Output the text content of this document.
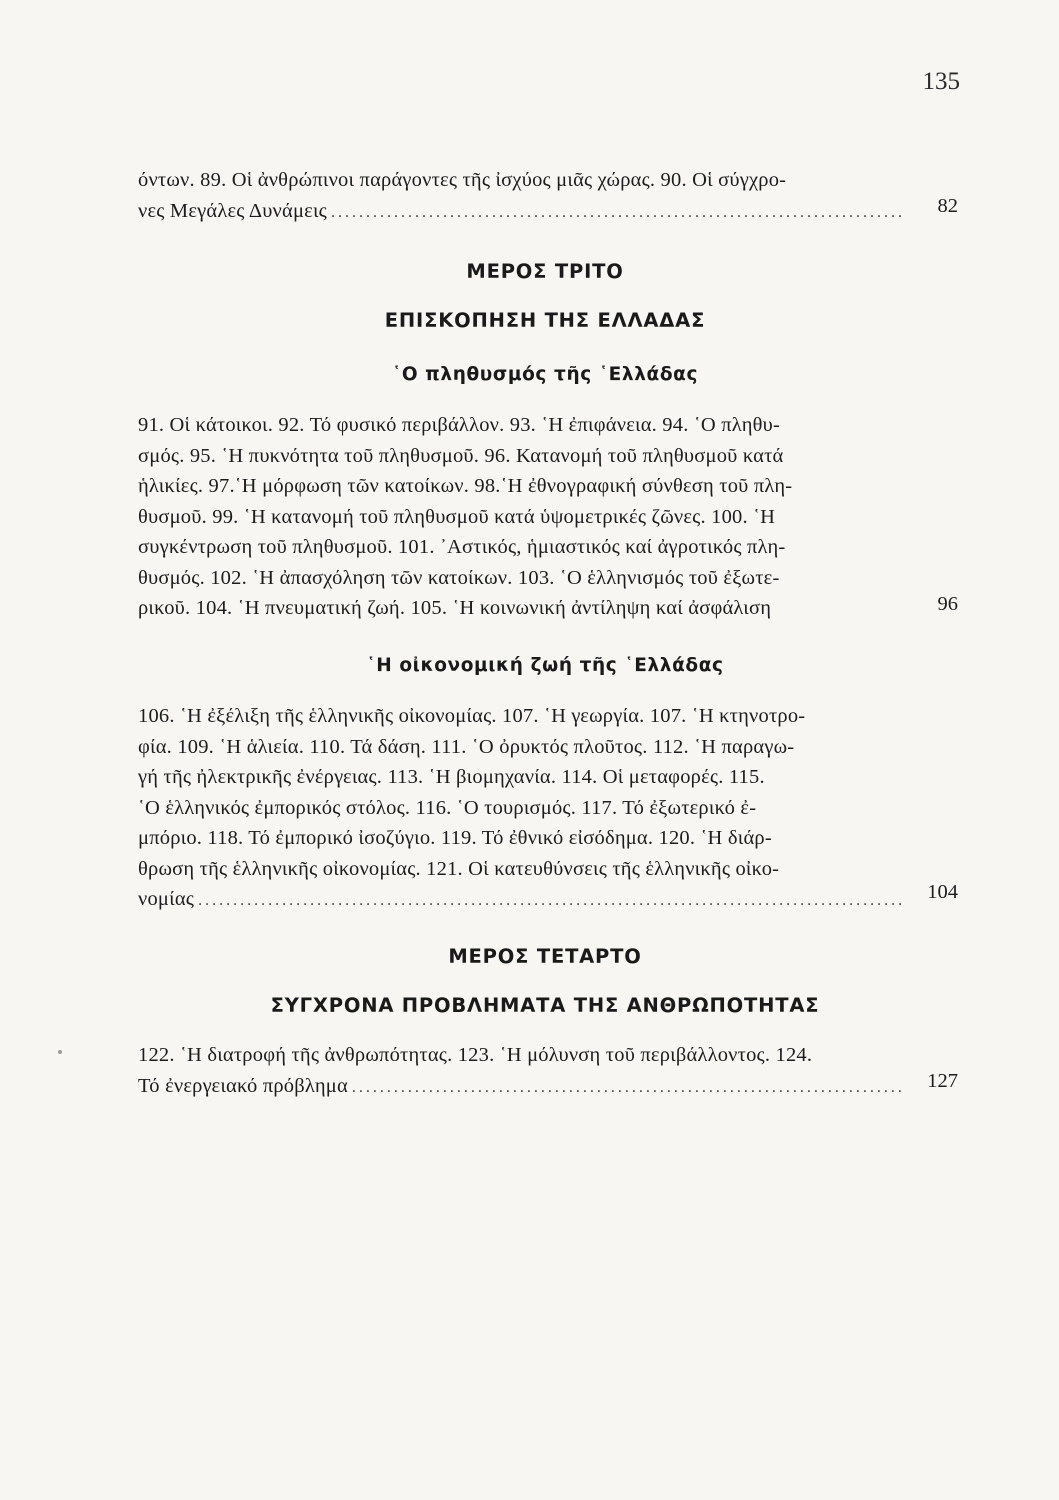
135
όντων. 89. Οἱ ἀνθρώπινοι παράγοντες τῆς ἰσχύος μιᾶς χώρας. 90. Οἱ σύγχρο-
νες Μεγάλες Δυνάμεις .....	82
ΜΕΡΟΣ ΤΡΙΤΟ
ΕΠΙΣΚΟΠΗΣΗ ΤΗΣ ΕΛΛΑΔΑΣ
῾Ο πληθυσμός τῆς ῾Ελλάδας
91. Οἱ κάτοικοι. 92. Τό φυσικό περιβάλλον. 93. ῾Η ἐπιφάνεια. 94. ῾Ο πληθυ-
σμός. 95. ῾Η πυκνότητα τοῦ πληθυσμοῦ. 96. Κατανομή τοῦ πληθυσμοῦ κατά
ἡλικίες. 97.῾Η μόρφωση τῶν κατοίκων. 98.῾Η ἐθνογραφική σύνθεση τοῦ πλη-
θυσμοῦ. 99. ῾Η κατανομή τοῦ πληθυσμοῦ κατά ὑψομετρικές ζῶνες. 100. ῾Η
συγκέντρωση τοῦ πληθυσμοῦ. 101. ᾿Αστικός, ἡμιαστικός καί ἀγροτικός πλη-
θυσμός. 102. ῾Η ἀπασχόληση τῶν κατοίκων. 103. ῾Ο ἑλληνισμός τοῦ ἐξωτε-
ρικοῦ. 104. ῾Η πνευματική ζωή. 105. ῾Η κοινωνική ἀντίληψη καί ἀσφάλιση	96
῾Η οἰκονομική ζωή τῆς ῾Ελλάδας
106. ῾Η ἐξέλιξη τῆς ἑλληνικῆς οἰκονομίας. 107. ῾Η γεωργία. 107. ῾Η κτηνοτρο-
φία. 109. ῾Η ἁλιεία. 110. Τά δάση. 111. ῾Ο ὀρυκτός πλοῦτος. 112. ῾Η παραγω-
γή τῆς ἠλεκτρικῆς ἐνέργειας. 113. ῾Η βιομηχανία. 114. Οἱ μεταφορές. 115.
῾Ο ἑλληνικός ἐμπορικός στόλος. 116. ῾Ο τουρισμός. 117. Τό ἐξωτερικό ἐ-
μπόριο. 118. Τό ἐμπορικό ἰσοζύγιο. 119. Τό ἐθνικό εἰσόδημα. 120. ῾Η διάρ-
θρωση τῆς ἑλληνικῆς οἰκονομίας. 121. Οἱ κατευθύνσεις τῆς ἑλληνικῆς οἰκο-
νομίας .....	104
ΜΕΡΟΣ ΤΕΤΑΡΤΟ
ΣΥΓΧΡΟΝΑ ΠΡΟΒΛΗΜΑΤΑ ΤΗΣ ΑΝΘΡΩΠΟΤΗΤΑΣ
122. ῾Η διατροφή τῆς ἀνθρωπότητας. 123. ῾Η μόλυνση τοῦ περιβάλλοντος. 124.
Τό ἐνεργειακό πρόβλημα .....	127
